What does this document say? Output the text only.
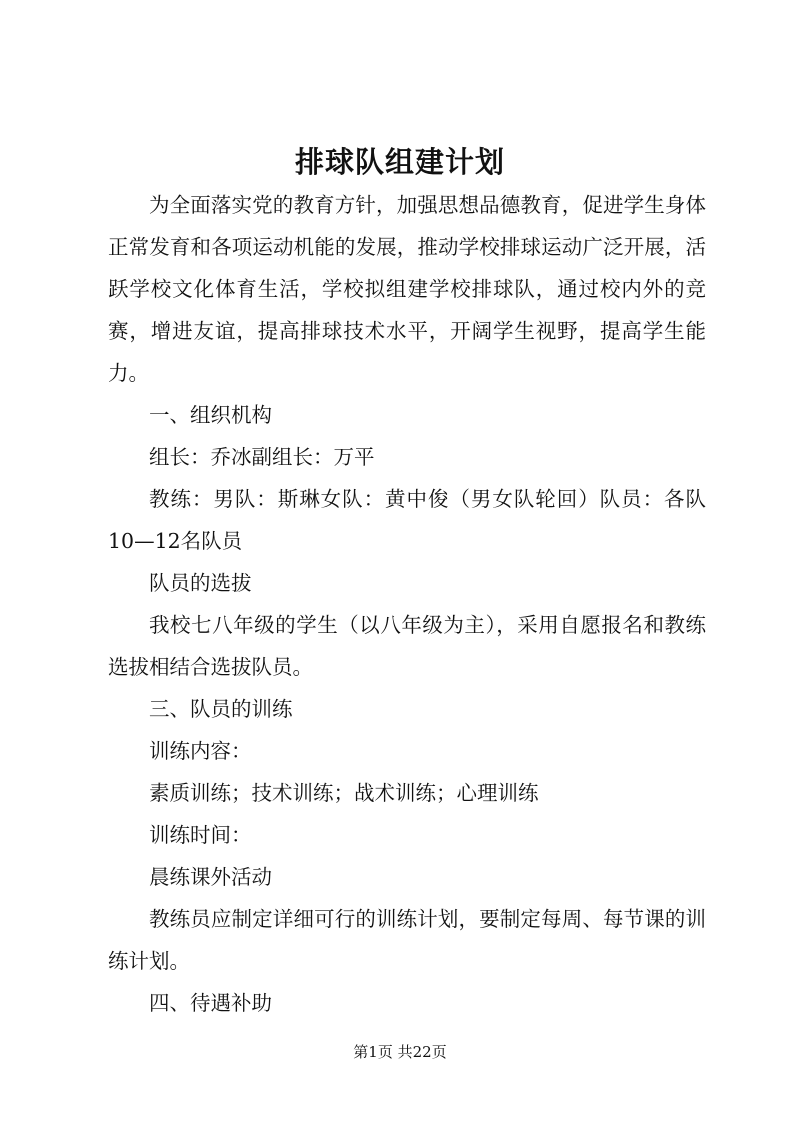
排球队组建计划

为全面落实党的教育方针，加强思想品德教育，促进学生身体正常发育和各项运动机能的发展，推动学校排球运动广泛开展，活跃学校文化体育生活，学校拟组建学校排球队，通过校内外的竞赛，增进友谊，提高排球技术水平，开阔学生视野，提高学生能力。

一、组织机构

组长：乔冰副组长：万平

教练：男队：斯琳女队：黄中俊（男女队轮回）队员：各队10—12名队员

队员的选拔

我校七八年级的学生（以八年级为主），采用自愿报名和教练选拔相结合选拔队员。

三、队员的训练

训练内容：

素质训练；技术训练；战术训练；心理训练

训练时间：

晨练课外活动

教练员应制定详细可行的训练计划，要制定每周、每节课的训练计划。

四、待遇补助

第1页 共22页
